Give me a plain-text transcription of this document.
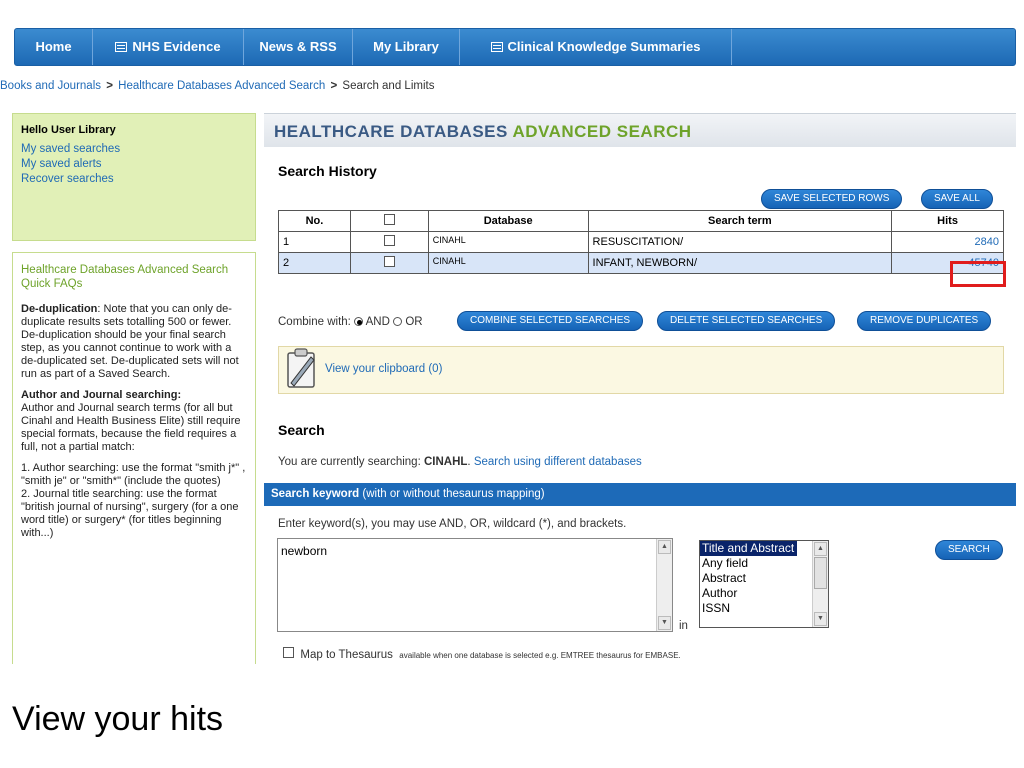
Home	NHS Evidence	News & RSS	My Library	Clinical Knowledge Summaries
Books and Journals > Healthcare Databases Advanced Search > Search and Limits
Hello User Library
My saved searches
My saved alerts
Recover searches
Healthcare Databases Advanced Search Quick FAQs

De-duplication: Note that you can only de-duplicate results sets totalling 500 or fewer. De-duplication should be your final search step, as you cannot continue to work with a de-duplicated set. De-duplicated sets will not run as part of a Saved Search.

Author and Journal searching:
Author and Journal search terms (for all but Cinahl and Health Business Elite) still require special formats, because the field requires a full, not a partial match:

1. Author searching: use the format "smith j*" , "smith je" or "smith*" (include the quotes)
2. Journal title searching: use the format "british journal of nursing", surgery (for a one word title) or surgery* (for titles beginning with...)
HEALTHCARE DATABASES ADVANCED SEARCH
Search History
SAVE SELECTED ROWS	SAVE ALL
No.		Database	Search term	Hits
1		CINAHL	RESUSCITATION/	2840
2		CINAHL	INFANT, NEWBORN/	45740
Combine with: AND OR	COMBINE SELECTED SEARCHES	DELETE SELECTED SEARCHES	REMOVE DUPLICATES
View your clipboard (0)
Search
You are currently searching: CINAHL. Search using different databases
Search keyword (with or without thesaurus mapping)
Enter keyword(s), you may use AND, OR, wildcard (*), and brackets.
newborn	▲
▼ in
Title and Abstract
Any field
Abstract
Author
ISSN
▲
▼
SEARCH
Map to Thesaurus available when one database is selected e.g. EMTREE thesaurus for EMBASE.
View your hits
